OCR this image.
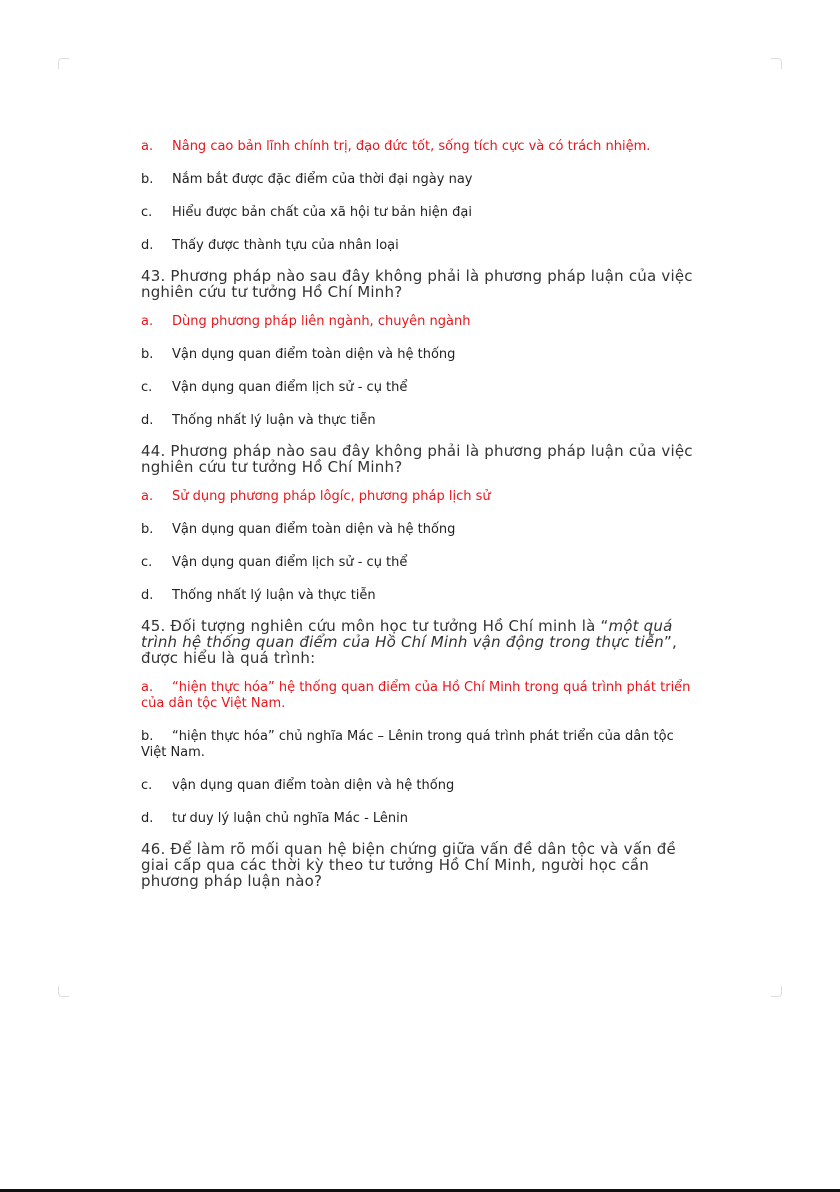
a.	Nâng cao bản lĩnh chính trị, đạo đức tốt, sống tích cực và có trách nhiệm.
b.	Nắm bắt được đặc điểm của thời đại ngày nay
c.	Hiểu được bản chất của xã hội tư bản hiện đại
d.	Thấy được thành tựu của nhân loại

43. Phương pháp nào sau đây không phải là phương pháp luận của việc nghiên cứu tư tưởng Hồ Chí Minh?

a.	Dùng phương pháp liên ngành, chuyên ngành
b.	Vận dụng quan điểm toàn diện và hệ thống
c.	Vận dụng quan điểm lịch sử - cụ thể
d.	Thống nhất lý luận và thực tiễn

44. Phương pháp nào sau đây không phải là phương pháp luận của việc nghiên cứu tư tưởng Hồ Chí Minh?

a.	Sử dụng phương pháp lôgíc, phương pháp lịch sử
b.	Vận dụng quan điểm toàn diện và hệ thống
c.	Vận dụng quan điểm lịch sử - cụ thể
d.	Thống nhất lý luận và thực tiễn

45. Đối tượng nghiên cứu môn học tư tưởng Hồ Chí minh là “một quá trình hệ thống quan điểm của Hồ Chí Minh vận động trong thực tiễn”, được hiểu là quá trình:

a. “hiện thực hóa” hệ thống quan điểm của Hồ Chí Minh trong quá trình phát triển của dân tộc Việt Nam.
b. “hiện thực hóa” chủ nghĩa Mác – Lênin trong quá trình phát triển của dân tộc Việt Nam.
c.	vận dụng quan điểm toàn diện và hệ thống
d.	tư duy lý luận chủ nghĩa Mác - Lênin

46. Để làm rõ mối quan hệ biện chứng giữa vấn đề dân tộc và vấn đề giai cấp qua các thời kỳ theo tư tưởng Hồ Chí Minh, người học cần phương pháp luận nào?
